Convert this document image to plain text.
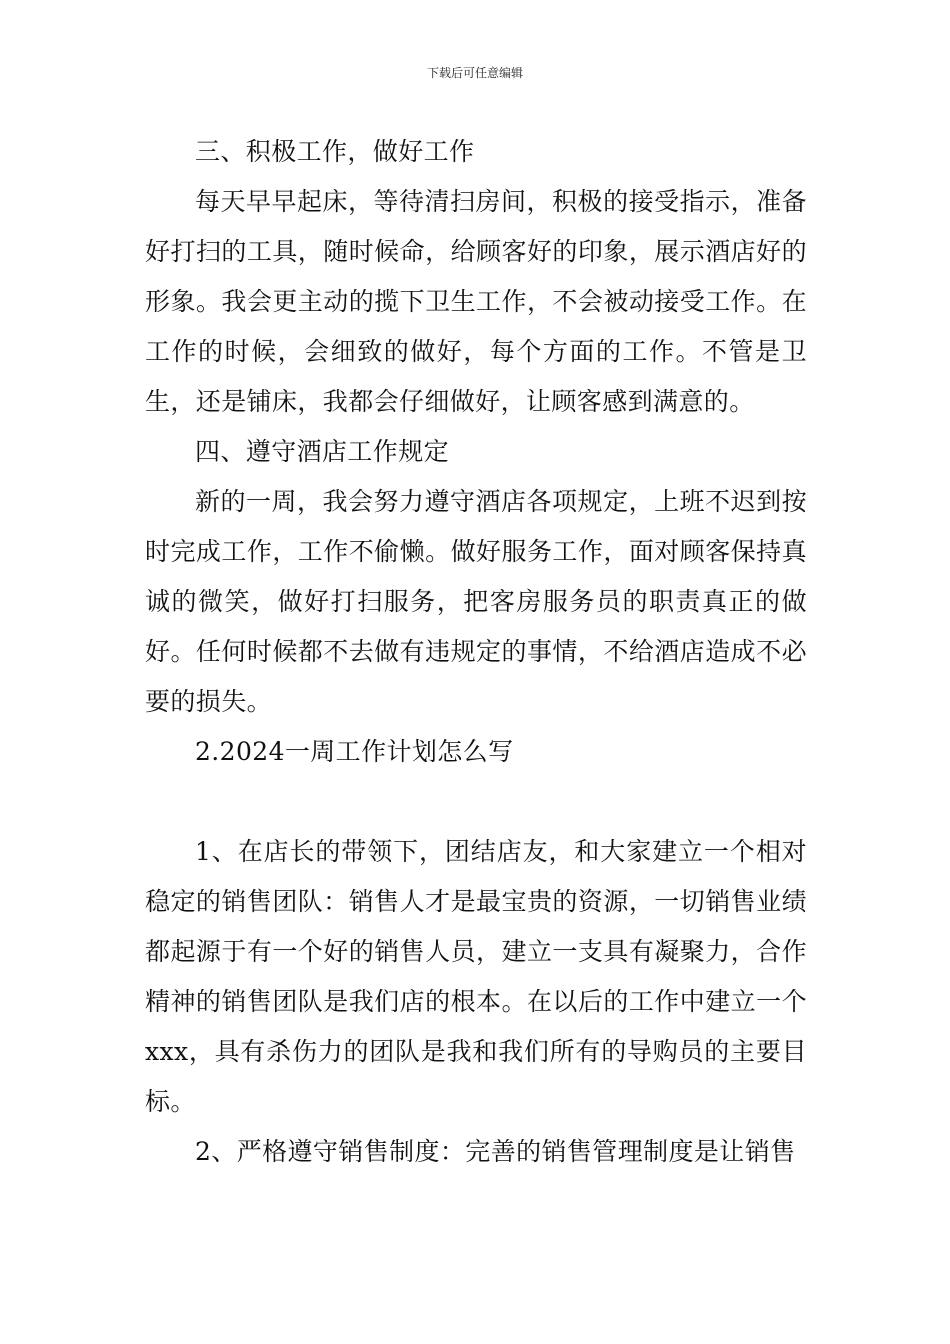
下载后可任意编辑

三、积极工作，做好工作

每天早早起床，等待清扫房间，积极的接受指示，准备好打扫的工具，随时候命，给顾客好的印象，展示酒店好的形象。我会更主动的揽下卫生工作，不会被动接受工作。在工作的时候，会细致的做好，每个方面的工作。不管是卫生，还是铺床，我都会仔细做好，让顾客感到满意的。

四、遵守酒店工作规定

新的一周，我会努力遵守酒店各项规定，上班不迟到按时完成工作，工作不偷懒。做好服务工作，面对顾客保持真诚的微笑，做好打扫服务，把客房服务员的职责真正的做好。任何时候都不去做有违规定的事情，不给酒店造成不必要的损失。

2.2024一周工作计划怎么写

1、在店长的带领下，团结店友，和大家建立一个相对稳定的销售团队：销售人才是最宝贵的资源，一切销售业绩都起源于有一个好的销售人员，建立一支具有凝聚力，合作精神的销售团队是我们店的根本。在以后的工作中建立一个xxx，具有杀伤力的团队是我和我们所有的导购员的主要目标。

2、严格遵守销售制度：完善的销售管理制度是让销售
